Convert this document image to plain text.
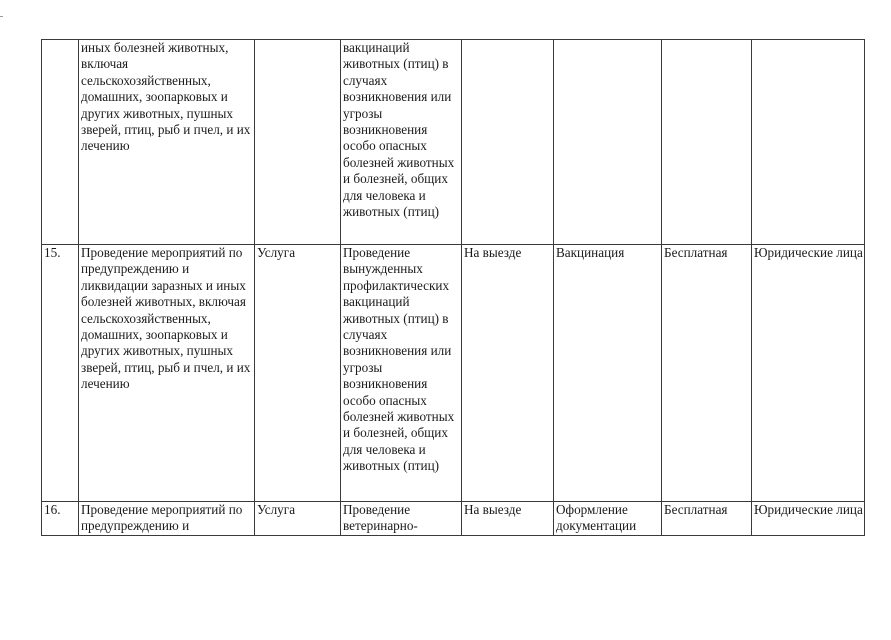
	иных болезней животных, включая сельскохозяйственных, домашних, зоопарковых и других животных, пушных зверей, птиц, рыб и пчел, и их лечению		вакцинаций животных (птиц) в случаях возникновения или угрозы возникновения особо опасных болезней животных и болезней, общих для человека и животных (птиц)				
15.	Проведение мероприятий по предупреждению и ликвидации заразных и иных болезней животных, включая сельскохозяйственных, домашних, зоопарковых и других животных, пушных зверей, птиц, рыб и пчел, и их лечению	Услуга	Проведение вынужденных профилактических вакцинаций животных (птиц) в случаях возникновения или угрозы возникновения особо опасных болезней животных и болезней, общих для человека и животных (птиц)	На выезде	Вакцинация	Бесплатная	Юридические лица
16.	Проведение мероприятий по предупреждению и	Услуга	Проведение ветеринарно-	На выезде	Оформление документации	Бесплатная	Юридические лица
